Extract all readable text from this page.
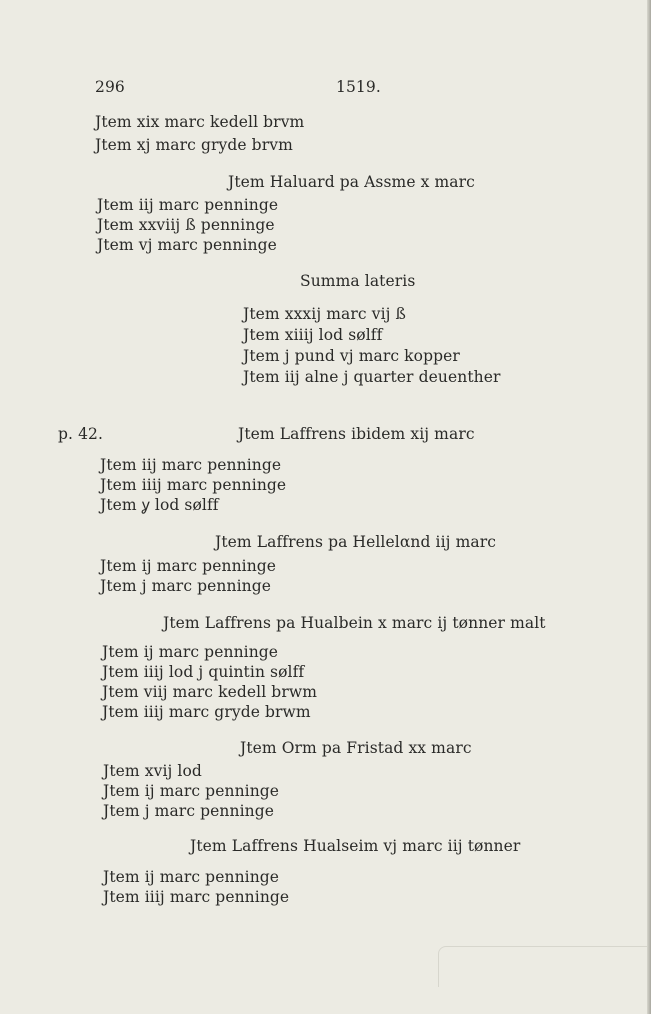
296	1519.
Jtem xix marc kedell brvm
Jtem xj marc grydе brvm
Jtem Haluard pa Assme x marc
Jtem iij marc penninge
Jtem xxviij ß penninge
Jtem vj marc penninge
Summa lateris
Jtem xxxij marc vij ß
Jtem xiiij lod sølff
Jtem j pund vj marc kopper
Jtem iij alne j quarter deuenther
p. 42.	Jtem Laffrens ibidem xij marc
Jtem iij marc penninge
Jtem iiij marc penninge
Jtem ỿ lod sølff
Jtem Laffrens pa Hellelαnd iij marc
Jtem ij marc penninge
Jtem j marc penninge
Jtem Laffrens pa Hualbein x marc ij tønner malt
Jtem ij marc penninge
Jtem iiij lod j quintin sølff
Jtem viij marc kedell brwm
Jtem iiij marc grydе brwm
Jtem Orm pa Fristad xx marc
Jtem xvij lod
Jtem ij marc penninge
Jtem j marc penninge
Jtem Laffrens Hualseim vj marc iij tønner
Jtem ij marc penninge
Jtem iiij marc penninge
